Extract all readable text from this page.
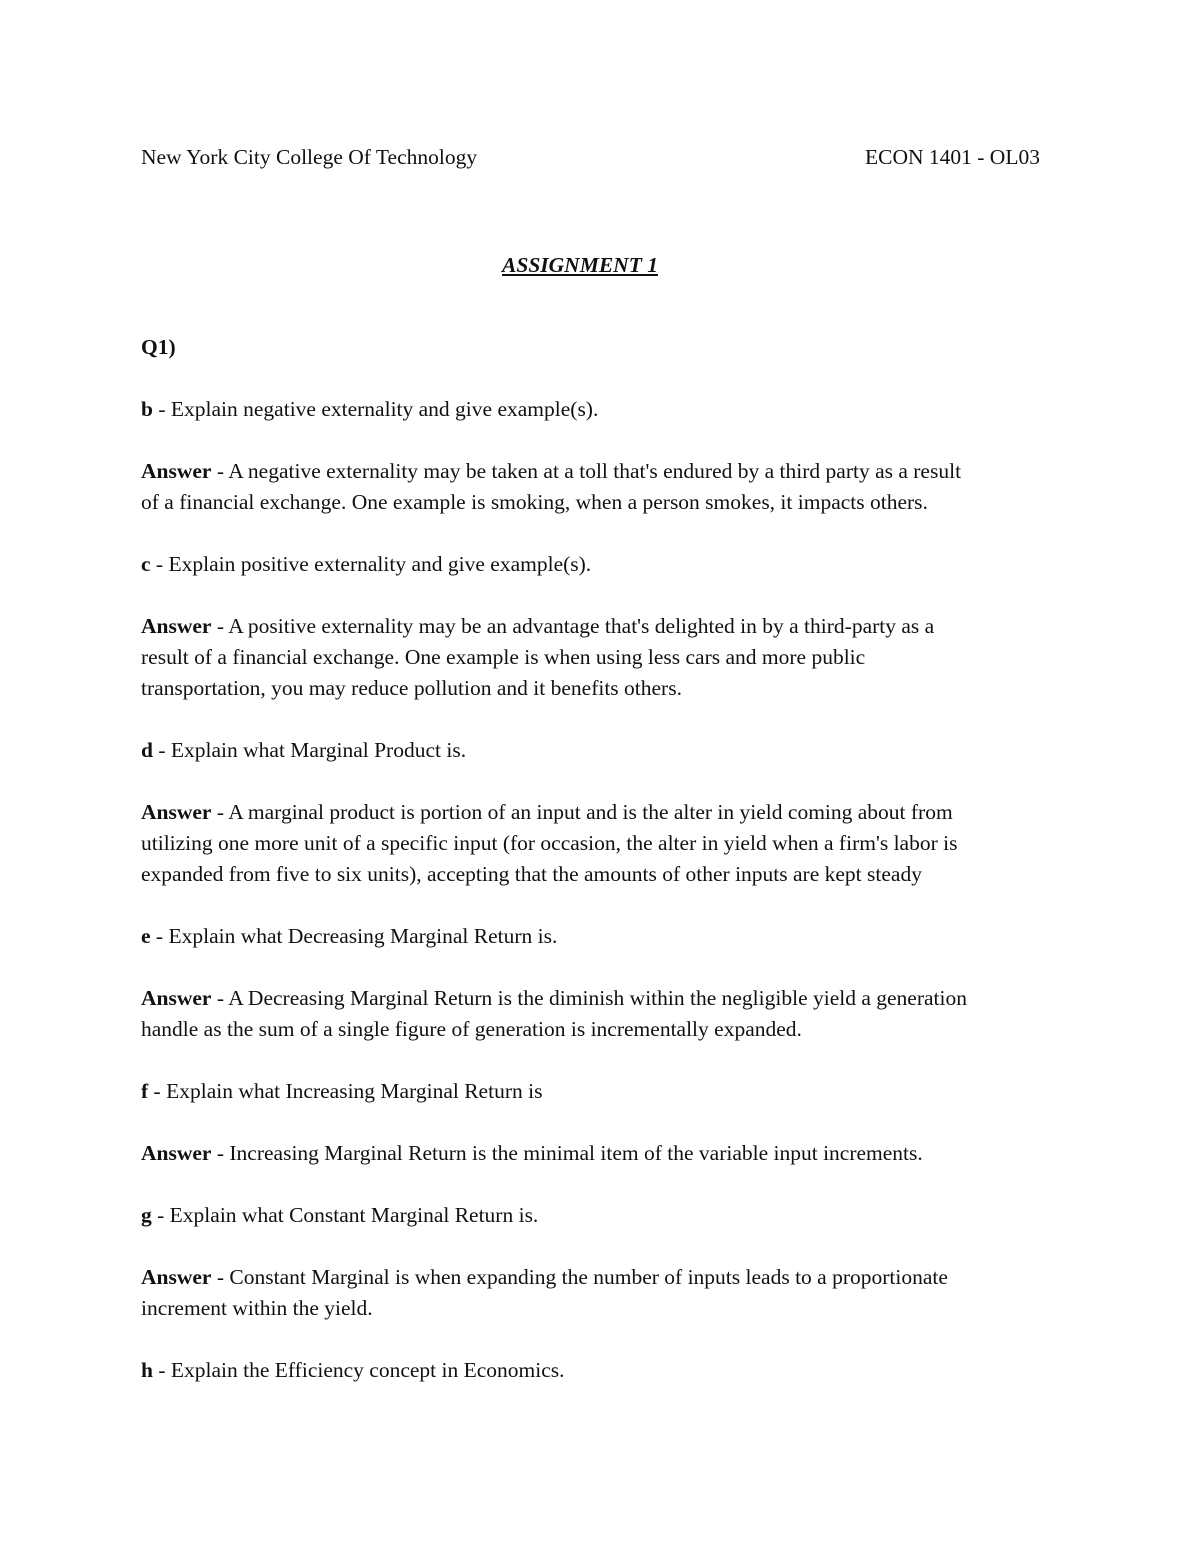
New York City College Of Technology	ECON 1401 - OL03
ASSIGNMENT 1
Q1)
b - Explain negative externality and give example(s).
Answer - A negative externality may be taken at a toll that's endured by a third party as a result
of a financial exchange. One example is smoking, when a person smokes, it impacts others.
c - Explain positive externality and give example(s).
Answer - A positive externality may be an advantage that's delighted in by a third-party as a
result of a financial exchange. One example is when using less cars and more public
transportation, you may reduce pollution and it benefits others.
d - Explain what Marginal Product is.
Answer - A marginal product is portion of an input and is the alter in yield coming about from
utilizing one more unit of a specific input (for occasion, the alter in yield when a firm's labor is
expanded from five to six units), accepting that the amounts of other inputs are kept steady
e - Explain what Decreasing Marginal Return is.
Answer - A Decreasing Marginal Return is the diminish within the negligible yield a generation
handle as the sum of a single figure of generation is incrementally expanded.
f - Explain what Increasing Marginal Return is
Answer - Increasing Marginal Return is the minimal item of the variable input increments.
g - Explain what Constant Marginal Return is.
Answer - Constant Marginal is when expanding the number of inputs leads to a proportionate
increment within the yield.
h - Explain the Efficiency concept in Economics.
